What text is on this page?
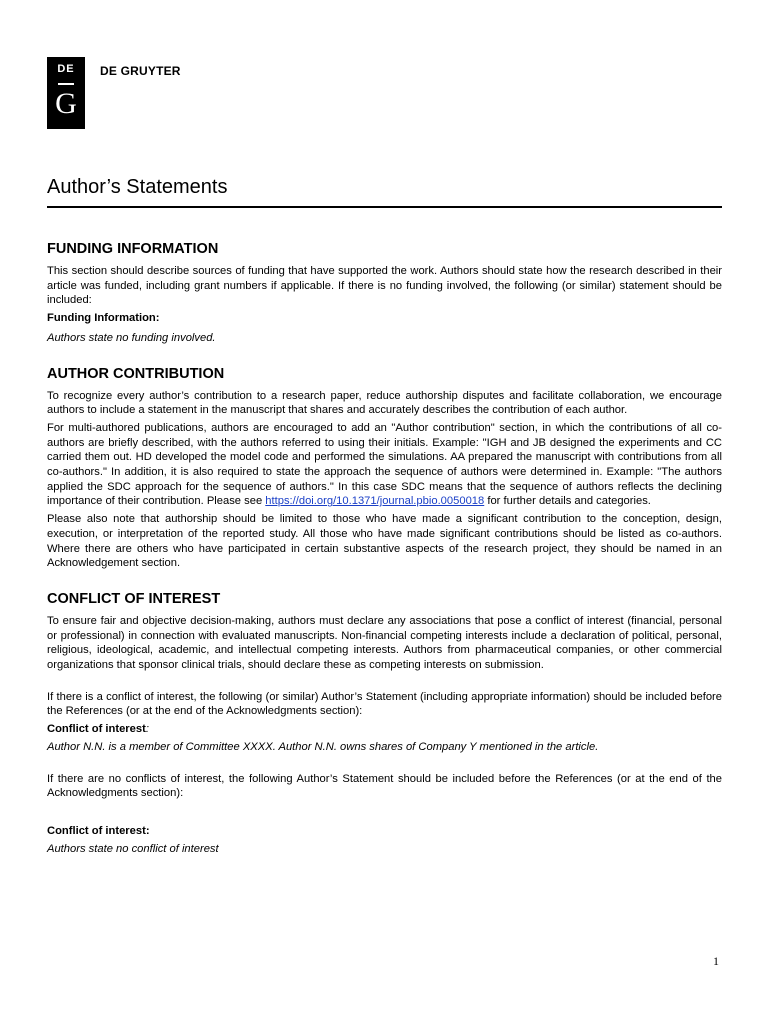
DE
G
DE GRUYTER
Author’s Statements
FUNDING INFORMATION

This section should describe sources of funding that have supported the work. Authors should state how the research described in their article was funded, including grant numbers if applicable. If there is no funding involved, the following (or similar) statement should be included:

Funding Information:

Authors state no funding involved.

AUTHOR CONTRIBUTION

To recognize every author’s contribution to a research paper, reduce authorship disputes and facilitate collaboration, we encourage authors to include a statement in the manuscript that shares and accurately describes the contribution of each author.

For multi-authored publications, authors are encouraged to add an "Author contribution" section, in which the contributions of all co-authors are briefly described, with the authors referred to using their initials. Example: "IGH and JB designed the experiments and CC carried them out. HD developed the model code and performed the simulations. AA prepared the manuscript with contributions from all co-authors." In addition, it is also required to state the approach the sequence of authors were determined in. Example: "The authors applied the SDC approach for the sequence of authors." In this case SDC means that the sequence of authors reflects the declining importance of their contribution. Please see https://doi.org/10.1371/journal.pbio.0050018 for further details and categories.

Please also note that authorship should be limited to those who have made a significant contribution to the conception, design, execution, or interpretation of the reported study. All those who have made significant contributions should be listed as co-authors. Where there are others who have participated in certain substantive aspects of the research project, they should be named in an Acknowledgement section.

CONFLICT OF INTEREST

To ensure fair and objective decision-making, authors must declare any associations that pose a conflict of interest (financial, personal or professional) in connection with evaluated manuscripts. Non-financial competing interests include a declaration of political, personal, religious, ideological, academic, and intellectual competing interests. Authors from pharmaceutical companies, or other commercial organizations that sponsor clinical trials, should declare these as competing interests on submission.

If there is a conflict of interest, the following (or similar) Author’s Statement (including appropriate information) should be included before the References (or at the end of the Acknowledgments section):

Conflict of interest:

Author N.N. is a member of Committee XXXX. Author N.N. owns shares of Company Y mentioned in the article.

If there are no conflicts of interest, the following Author’s Statement should be included before the References (or at the end of the Acknowledgments section):

Conflict of interest:

Authors state no conflict of interest

1
